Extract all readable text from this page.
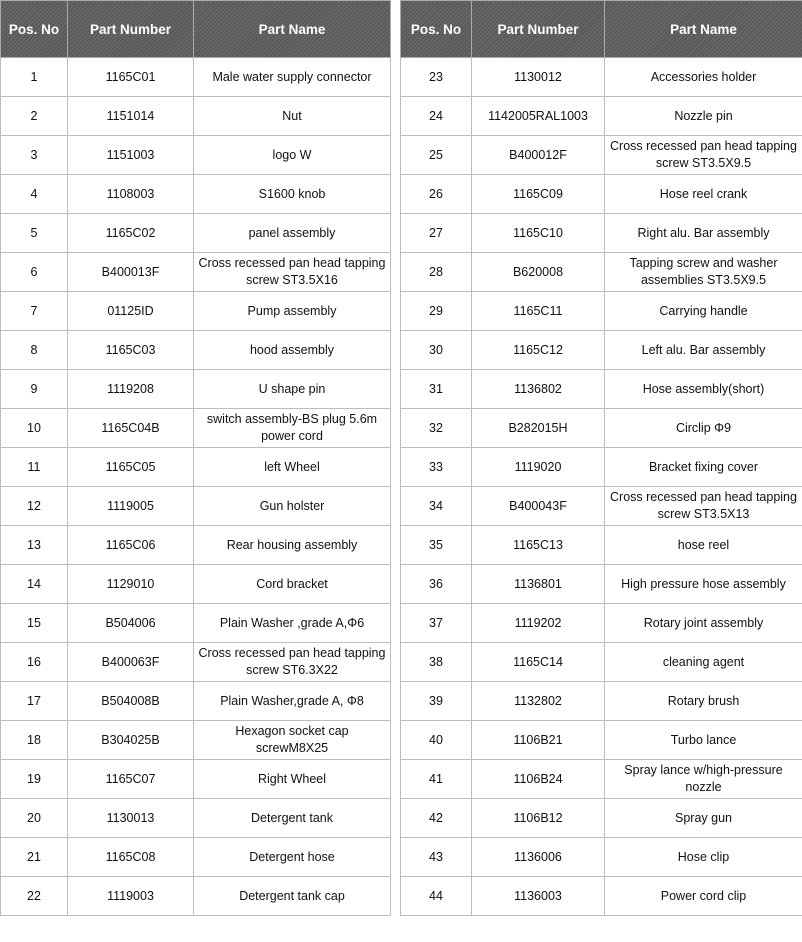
Pos. No	Part Number	Part Name
1	1165C01	Male water supply connector
2	1151014	Nut
3	1151003	logo W
4	1108003	S1600 knob
5	1165C02	panel assembly
6	B400013F	Cross recessed pan head tapping screw ST3.5X16
7	01125ID	Pump assembly
8	1165C03	hood assembly
9	1119208	U shape pin
10	1165C04B	switch assembly-BS plug 5.6m power cord
11	1165C05	left Wheel
12	1119005	Gun holster
13	1165C06	Rear housing assembly
14	1129010	Cord bracket
15	B504006	Plain Washer ,grade A,Φ6
16	B400063F	Cross recessed pan head tapping screw ST6.3X22
17	B504008B	Plain Washer,grade A, Φ8
18	B304025B	Hexagon socket cap screwM8X25
19	1165C07	Right Wheel
20	1130013	Detergent tank
21	1165C08	Detergent hose
22	1119003	Detergent tank cap
Pos. No	Part Number	Part Name
23	1130012	Accessories holder
24	1142005RAL1003	Nozzle pin
25	B400012F	Cross recessed pan head tapping screw ST3.5X9.5
26	1165C09	Hose reel crank
27	1165C10	Right alu. Bar assembly
28	B620008	Tapping screw and washer assemblies ST3.5X9.5
29	1165C11	Carrying handle
30	1165C12	Left alu. Bar assembly
31	1136802	Hose assembly(short)
32	B282015H	Circlip Φ9
33	1119020	Bracket fixing cover
34	B400043F	Cross recessed pan head tapping screw ST3.5X13
35	1165C13	hose reel
36	1136801	High pressure hose assembly
37	1119202	Rotary joint assembly
38	1165C14	cleaning agent
39	1132802	Rotary brush
40	1106B21	Turbo lance
41	1106B24	Spray lance w/high-pressure nozzle
42	1106B12	Spray gun
43	1136006	Hose clip
44	1136003	Power cord clip
